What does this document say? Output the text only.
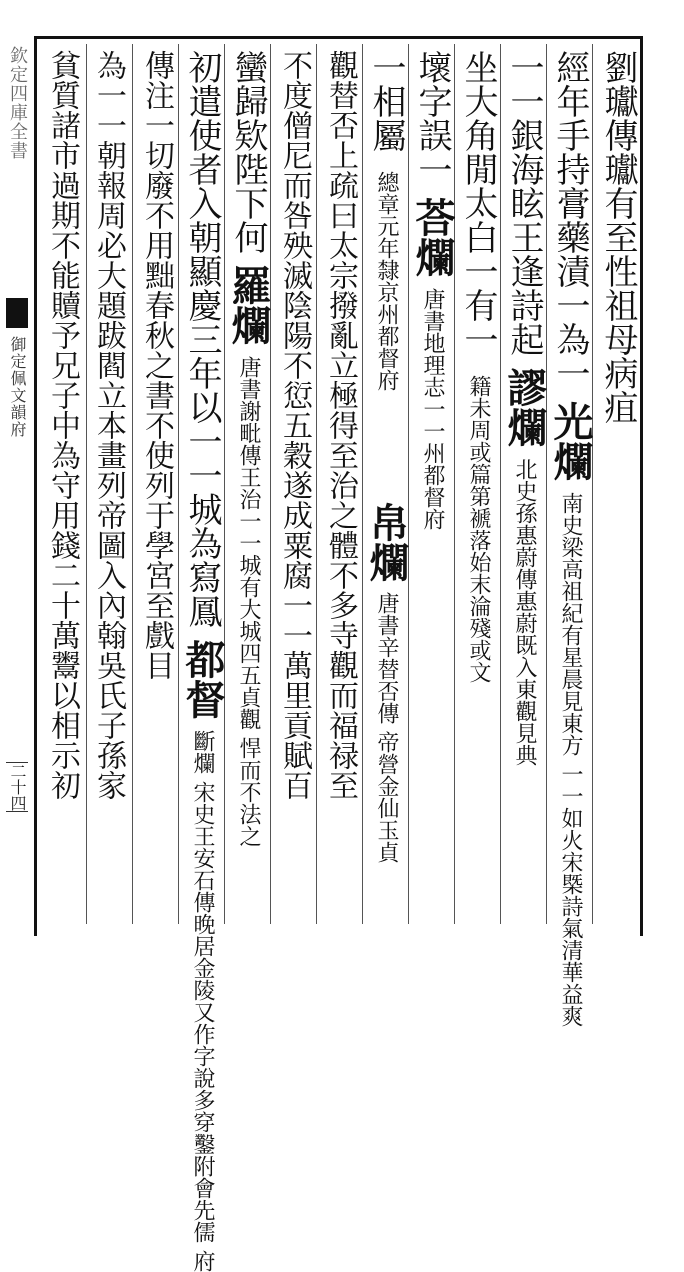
欽定四庫全書
御定佩文韻府
二十四
劉瓛傳瓛有至性祖母病疽
經年手持膏藥漬一為一 光爛 南史梁高祖紀有星晨見東方 一一如火宋槩詩氣清華益爽
一一銀海眩王逢詩起 謬爛 北史孫惠蔚傳惠蔚既入東觀見典
坐大角閒太白一有一 籍未周或篇第褫落始末淪殘或文
壞字誤一 荅爛 唐書地理志一一州都督府
一相屬 總章元年隸京州都督府 帛爛 唐書辛替否傳 帝營金仙玉貞
觀替否上疏曰太宗撥亂立極得至治之體不多寺觀而福禄至
不度僧尼而咎殃滅陰陽不愆五穀遂成粟腐一一萬里貢賦百
蠻歸欵陛下何 羅爛 唐書謝毗傳王治一一城有大城四五貞觀 悍而不法之
初遣使者入朝顯慶三年以一一城為寫鳳 都督 斷爛 宋史王安石傳晚居金陵又作字說多穿鑿附會先儒 府
傳注一切廢不用黜春秋之書不使列于學宮至戲目
為一一朝報周必大題跋閻立本畫列帝圖入內翰吳氏子孫家
貧質諸市過期不能贖予兄子中為守用錢二十萬鬻以相示初
